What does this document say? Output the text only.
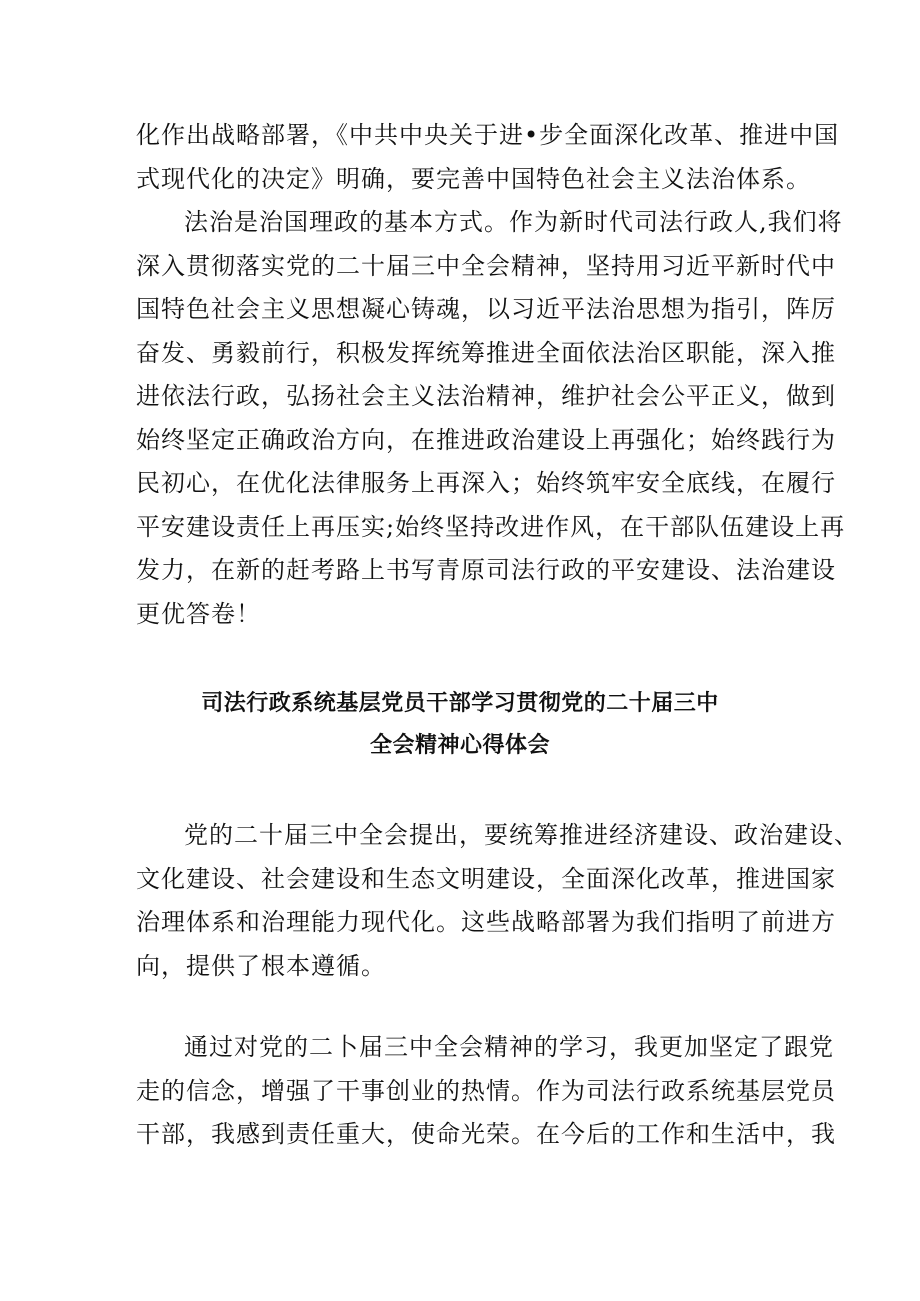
化作出战略部署，《中共中央关于进•步全面深化改革、推进中国
式现代化的决定》明确，要完善中国特色社会主义法治体系。
法治是治国理政的基本方式。作为新时代司法行政人,我们将
深入贯彻落实党的二十届三中全会精神，坚持用习近平新时代中
国特色社会主义思想凝心铸魂，以习近平法治思想为指引，阵厉
奋发、勇毅前行，积极发挥统筹推进全面依法治区职能，深入推
进依法行政，弘扬社会主义法治精神，维护社会公平正义，做到
始终坚定正确政治方向，在推进政治建设上再强化；始终践行为
民初心，在优化法律服务上再深入；始终筑牢安全底线，在履行
平安建设责任上再压实;始终坚持改进作风，在干部队伍建设上再
发力，在新的赶考路上书写青原司法行政的平安建设、法治建设
更优答卷！
司法行政系统基层党员干部学习贯彻党的二十届三中
全会精神心得体会
党的二十届三中全会提出，要统筹推进经济建设、政治建设、
文化建设、社会建设和生态文明建设，全面深化改革，推进国家
治理体系和治理能力现代化。这些战略部署为我们指明了前进方
向，提供了根本遵循。
通过对党的二卜届三中全会精神的学习，我更加坚定了跟党
走的信念，增强了干事创业的热情。作为司法行政系统基层党员
干部，我感到责任重大，使命光荣。在今后的工作和生活中，我
